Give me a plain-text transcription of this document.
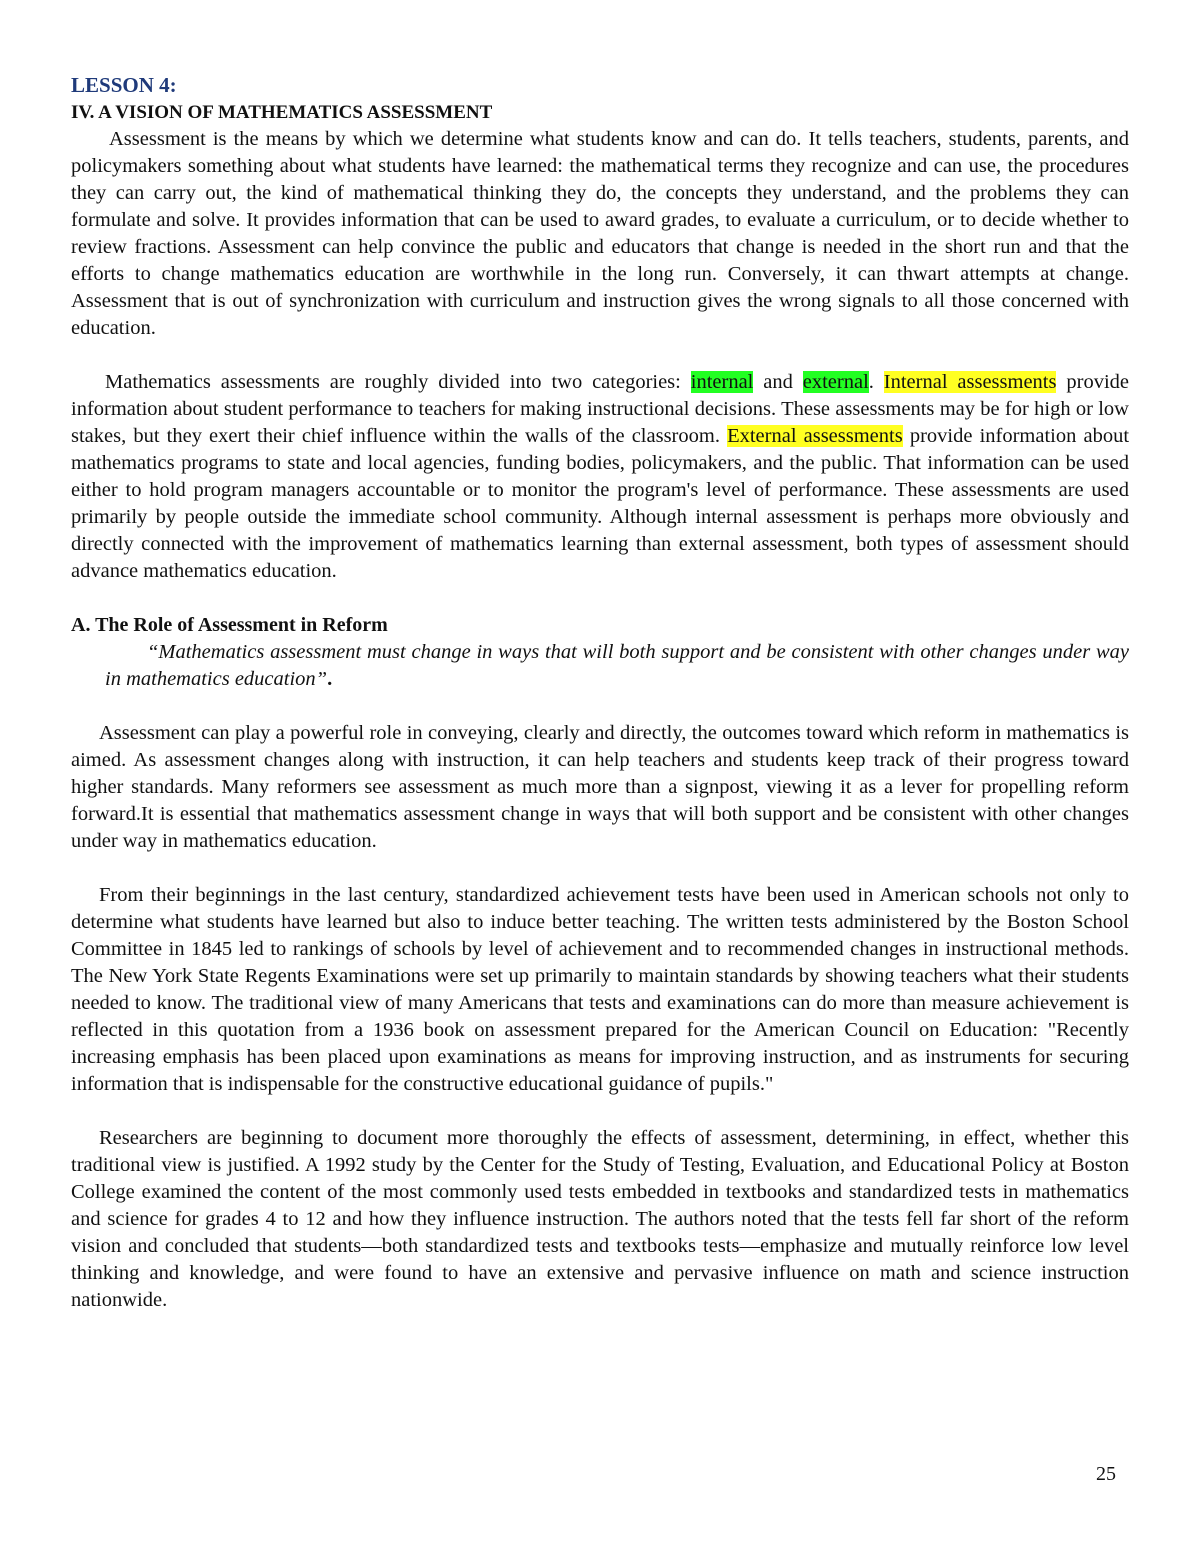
LESSON 4:
IV. A VISION OF MATHEMATICS ASSESSMENT

Assessment is the means by which we determine what students know and can do. It tells teachers, students, parents, and policymakers something about what students have learned: the mathematical terms they recognize and can use, the procedures they can carry out, the kind of mathematical thinking they do, the concepts they understand, and the problems they can formulate and solve. It provides information that can be used to award grades, to evaluate a curriculum, or to decide whether to review fractions. Assessment can help convince the public and educators that change is needed in the short run and that the efforts to change mathematics education are worthwhile in the long run. Conversely, it can thwart attempts at change. Assessment that is out of synchronization with curriculum and instruction gives the wrong signals to all those concerned with education.

Mathematics assessments are roughly divided into two categories: internal and external. Internal assessments provide information about student performance to teachers for making instructional decisions. These assessments may be for high or low stakes, but they exert their chief influence within the walls of the classroom. External assessments provide information about mathematics programs to state and local agencies, funding bodies, policymakers, and the public. That information can be used either to hold program managers accountable or to monitor the program's level of performance. These assessments are used primarily by people outside the immediate school community. Although internal assessment is perhaps more obviously and directly connected with the improvement of mathematics learning than external assessment, both types of assessment should advance mathematics education.

A. The Role of Assessment in Reform

“Mathematics assessment must change in ways that will both support and be consistent with other changes under way in mathematics education”.

Assessment can play a powerful role in conveying, clearly and directly, the outcomes toward which reform in mathematics is aimed. As assessment changes along with instruction, it can help teachers and students keep track of their progress toward higher standards. Many reformers see assessment as much more than a signpost, viewing it as a lever for propelling reform forward.It is essential that mathematics assessment change in ways that will both support and be consistent with other changes under way in mathematics education.

From their beginnings in the last century, standardized achievement tests have been used in American schools not only to determine what students have learned but also to induce better teaching. The written tests administered by the Boston School Committee in 1845 led to rankings of schools by level of achievement and to recommended changes in instructional methods. The New York State Regents Examinations were set up primarily to maintain standards by showing teachers what their students needed to know. The traditional view of many Americans that tests and examinations can do more than measure achievement is reflected in this quotation from a 1936 book on assessment prepared for the American Council on Education: "Recently increasing emphasis has been placed upon examinations as means for improving instruction, and as instruments for securing information that is indispensable for the constructive educational guidance of pupils."

Researchers are beginning to document more thoroughly the effects of assessment, determining, in effect, whether this traditional view is justified. A 1992 study by the Center for the Study of Testing, Evaluation, and Educational Policy at Boston College examined the content of the most commonly used tests embedded in textbooks and standardized tests in mathematics and science for grades 4 to 12 and how they influence instruction. The authors noted that the tests fell far short of the reform vision and concluded that students—both standardized tests and textbooks tests—emphasize and mutually reinforce low level thinking and knowledge, and were found to have an extensive and pervasive influence on math and science instruction nationwide.

25
